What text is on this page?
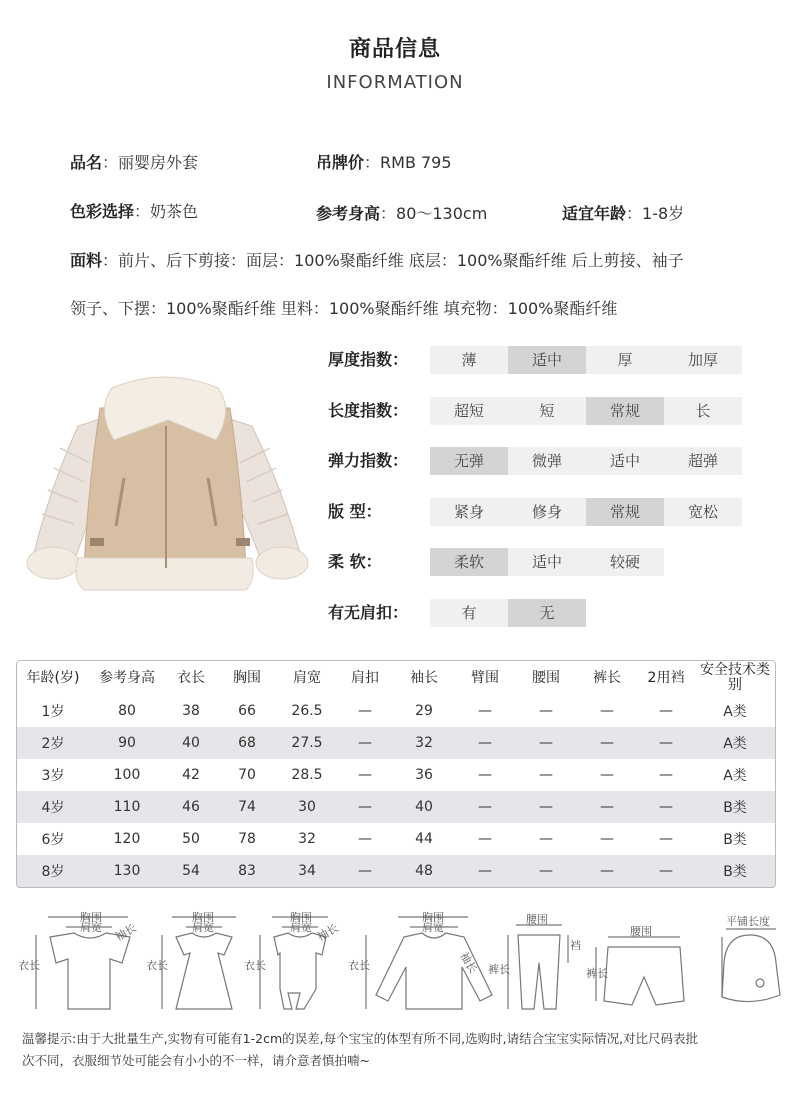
商品信息
INFORMATION
品名：丽婴房外套	吊牌价：RMB 795
色彩选择：奶茶色	参考身高：80～130cm	适宜年龄：1-8岁
面料：前片、后下剪接：面层：100%聚酯纤维 底层：100%聚酯纤维 后上剪接、袖子
领子、下摆：100%聚酯纤维 里料：100%聚酯纤维 填充物：100%聚酯纤维
厚度指数：	薄	适中	厚	加厚
长度指数：	超短	短	常规	长
弹力指数：	无弹	微弹	适中	超弹
版 型：	紧身	修身	常规	宽松
柔 软：	柔软	适中	较硬
有无肩扣：	有	无
年龄(岁)	参考身高	衣长	胸围	肩宽	肩扣	袖长	臂围	腰围	裤长	2用裆	安全技术类别
1岁	80	38	66	26.5	—	29	—	—	—	—	A类
2岁	90	40	68	27.5	—	32	—	—	—	—	A类
3岁	100	42	70	28.5	—	36	—	—	—	—	A类
4岁	110	46	74	30	—	40	—	—	—	—	B类
6岁	120	50	78	32	—	44	—	—	—	—	B类
8岁	130	54	83	34	—	48	—	—	—	—	B类
胸围
肩宽 袖长
衣长
胸围
肩宽
衣长
胸围
肩宽 袖长
衣长
胸围
肩宽
袖长
衣长
腰围
裤长
裆
腰围
裤长
平铺长度
温馨提示:由于大批量生产,实物有可能有1-2cm的误差,每个宝宝的体型有所不同,选购时,请结合宝宝实际情况,对比尺码表批
次不同，衣服细节处可能会有小小的不一样，请介意者慎拍喃~
